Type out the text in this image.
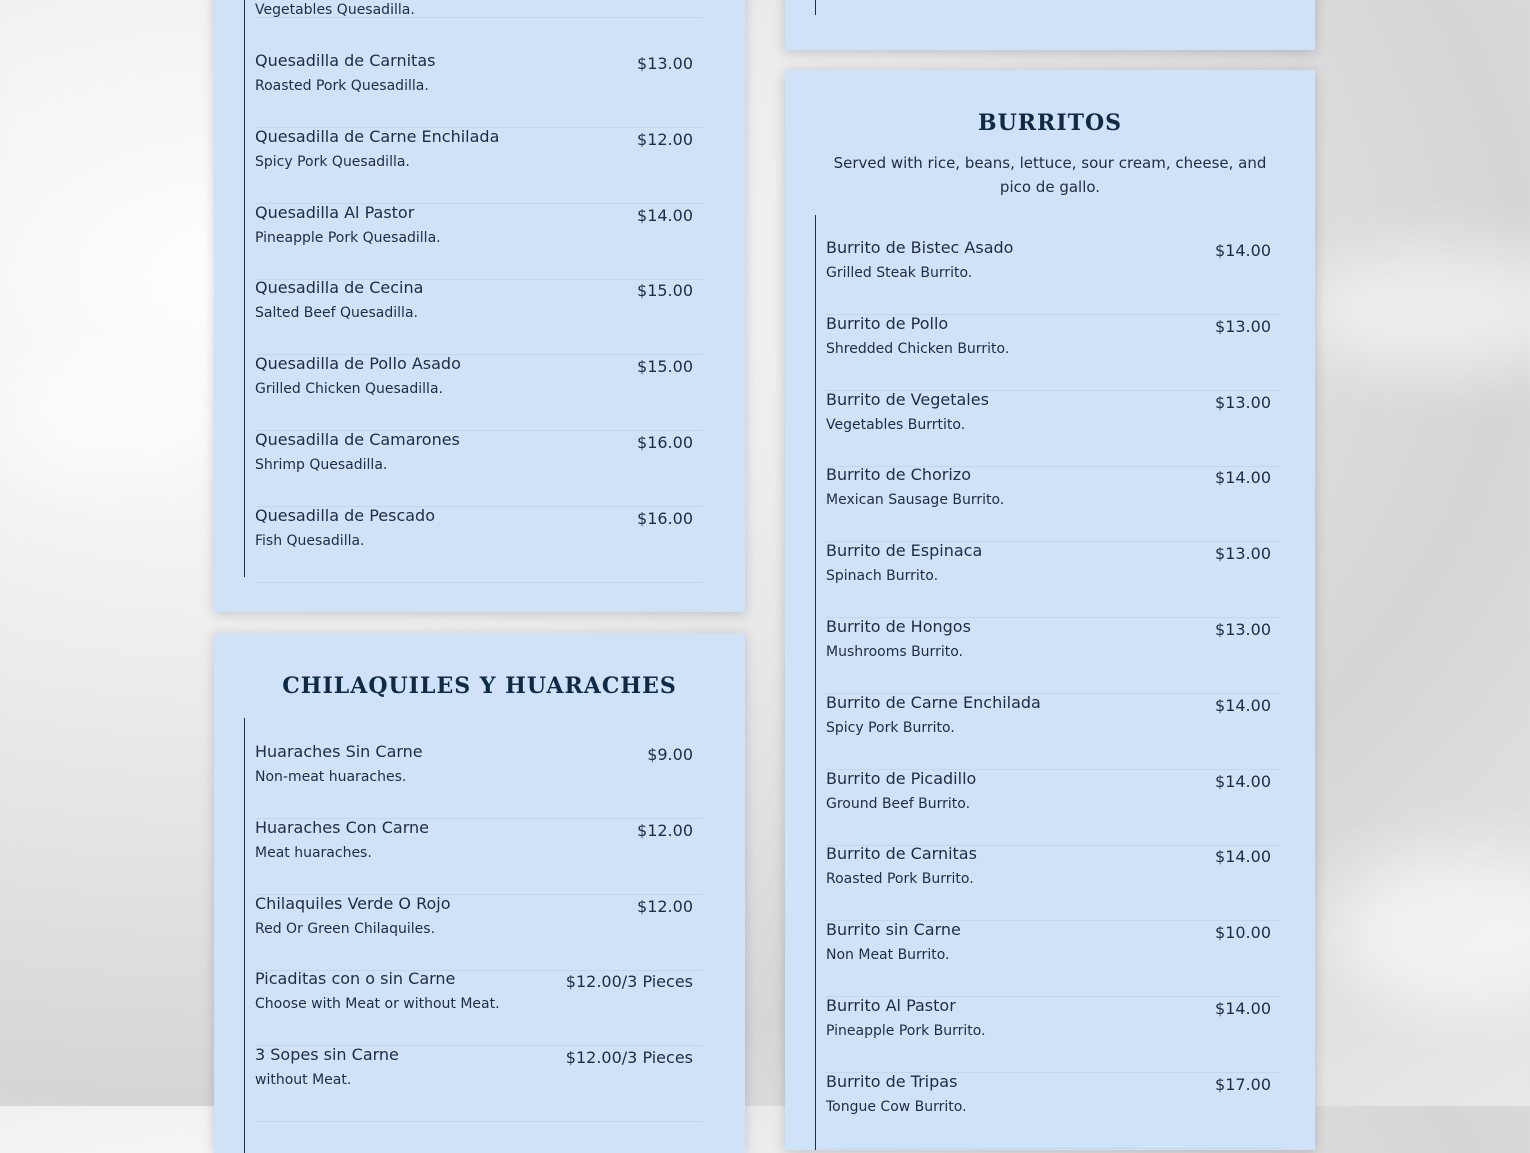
Vegetables Quesadilla.
Quesadilla de Carnitas
Roasted Pork Quesadilla.
$13.00
Quesadilla de Carne Enchilada
Spicy Pork Quesadilla.
$12.00
Quesadilla Al Pastor
Pineapple Pork Quesadilla.
$14.00
Quesadilla de Cecina
Salted Beef Quesadilla.
$15.00
Quesadilla de Pollo Asado
Grilled Chicken Quesadilla.
$15.00
Quesadilla de Camarones
Shrimp Quesadilla.
$16.00
Quesadilla de Pescado
Fish Quesadilla.
$16.00
CHILAQUILES Y HUARACHES
Huaraches Sin Carne
Non-meat huaraches.
$9.00
Huaraches Con Carne
Meat huaraches.
$12.00
Chilaquiles Verde O Rojo
Red Or Green Chilaquiles.
$12.00
Picaditas con o sin Carne
Choose with Meat or without Meat.
$12.00/3 Pieces
3 Sopes sin Carne
without Meat.
$12.00/3 Pieces
BURRITOS
Served with rice, beans, lettuce, sour cream, cheese, and pico de gallo.
Burrito de Bistec Asado
Grilled Steak Burrito.
$14.00
Burrito de Pollo
Shredded Chicken Burrito.
$13.00
Burrito de Vegetales
Vegetables Burrtito.
$13.00
Burrito de Chorizo
Mexican Sausage Burrito.
$14.00
Burrito de Espinaca
Spinach Burrito.
$13.00
Burrito de Hongos
Mushrooms Burrito.
$13.00
Burrito de Carne Enchilada
Spicy Pork Burrito.
$14.00
Burrito de Picadillo
Ground Beef Burrito.
$14.00
Burrito de Carnitas
Roasted Pork Burrito.
$14.00
Burrito sin Carne
Non Meat Burrito.
$10.00
Burrito Al Pastor
Pineapple Pork Burrito.
$14.00
Burrito de Tripas
Tongue Cow Burrito.
$17.00
